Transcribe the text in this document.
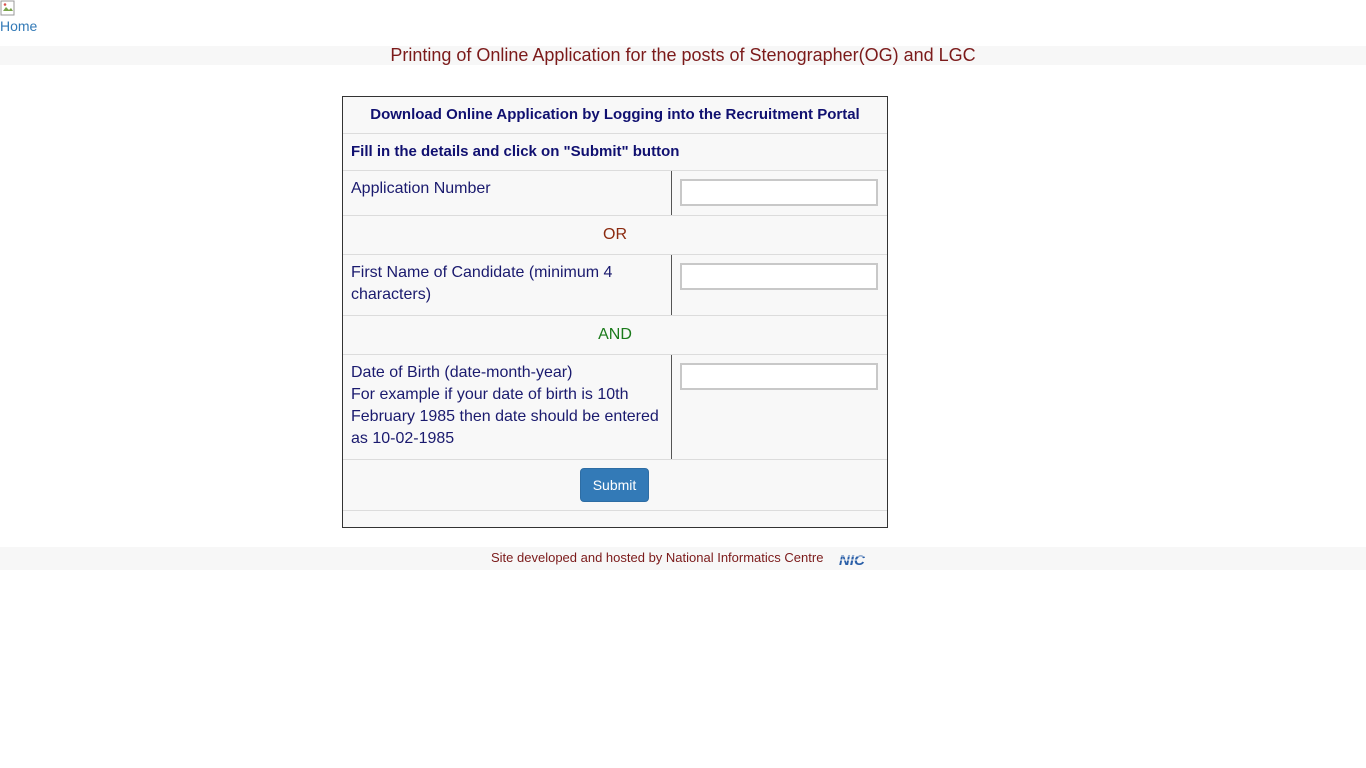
Home
Printing of Online Application for the posts of Stenographer(OG) and LGC
Download Online Application by Logging into the Recruitment Portal
Fill in the details and click on "Submit" button
Application Number
OR
First Name of Candidate (minimum 4 characters)
AND
Date of Birth (date-month-year)
For example if your date of birth is 10th February 1985 then date should be entered as 10-02-1985
Submit
Site developed and hosted by National Informatics Centre NIC
